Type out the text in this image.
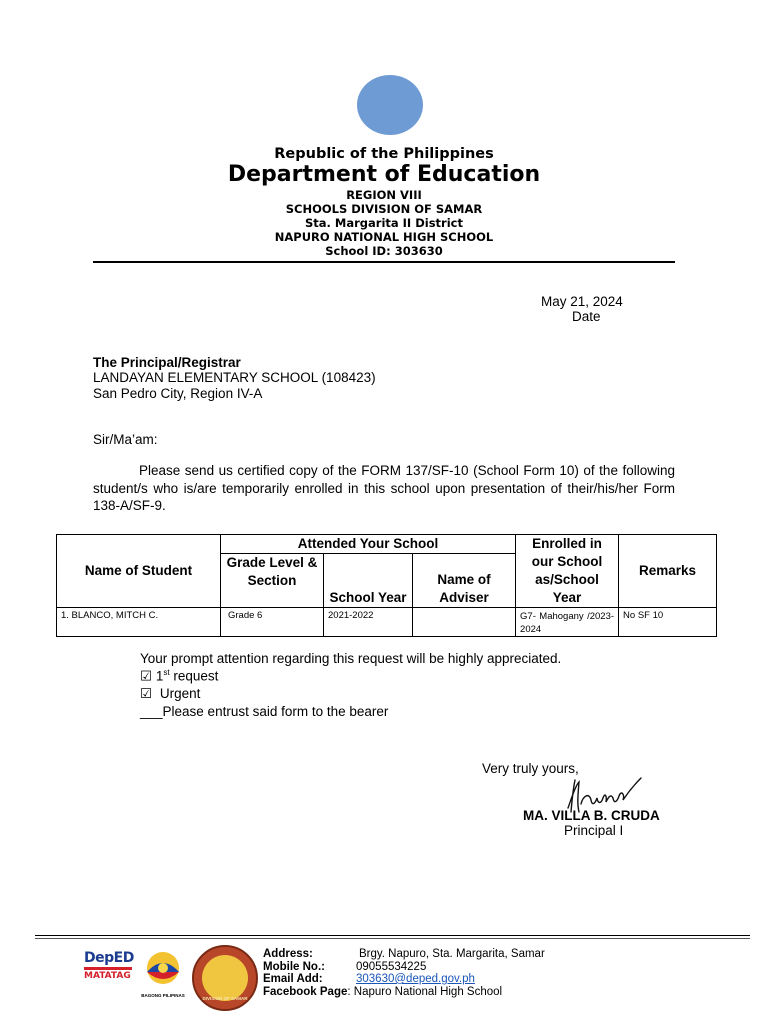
Republic of the Philippines
Department of Education
REGION VIII
SCHOOLS DIVISION OF SAMAR
Sta. Margarita II District
NAPURO NATIONAL HIGH SCHOOL
School ID: 303630
May 21, 2024
Date
The Principal/Registrar
LANDAYAN ELEMENTARY SCHOOL (108423)
San Pedro City, Region IV-A
Sir/Ma’am:
Please send us certified copy of the FORM 137/SF-10 (School Form 10) of the following student/s who is/are temporarily enrolled in this school upon presentation of their/his/her Form 138-A/SF-9.
Name of Student	Attended Your School			Enrolled in our School as/School Year	Remarks
	Grade Level & Section	School Year	Name of Adviser		
1. BLANCO, MITCH C.	Grade 6	2021-2022		G7- Mahogany /2023-2024	No SF 10
Your prompt attention regarding this request will be highly appreciated.
☑ 1st request
☑ Urgent
___Please entrust said form to the bearer
Very truly yours,
MA. VILLA B. CRUDA
Principal I
DepED
MATATAG
BAGONG PILIPINAS
DIVISION OF SAMAR
Address:	Brgy. Napuro, Sta. Margarita, Samar
Mobile No.:	09055534225
Email Add:	303630@deped.gov.ph
Facebook Page: Napuro National High School
